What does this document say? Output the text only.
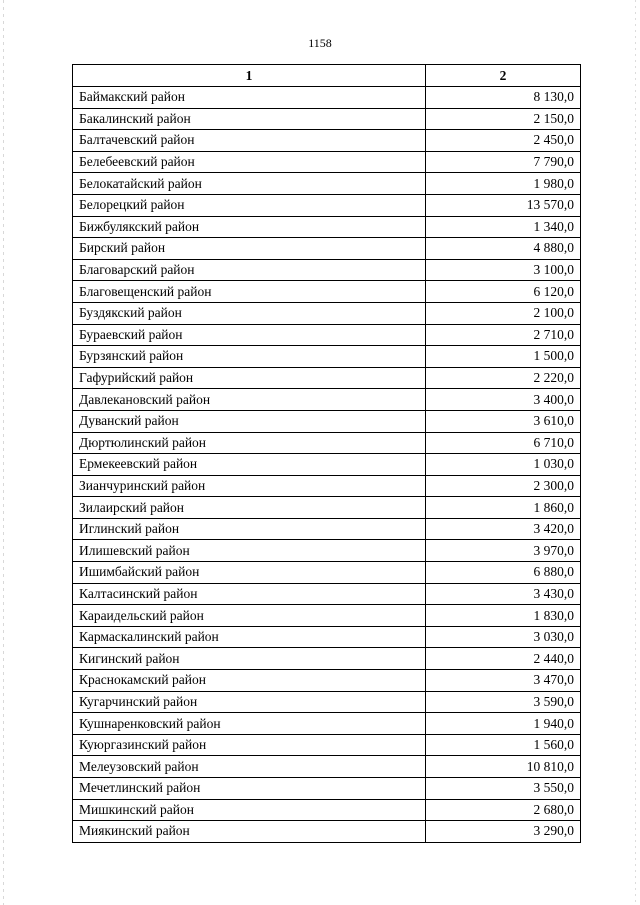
1158
1	2
Баймакский район	8 130,0
Бакалинский район	2 150,0
Балтачевский район	2 450,0
Белебеевский район	7 790,0
Белокатайский район	1 980,0
Белорецкий район	13 570,0
Бижбулякский район	1 340,0
Бирский район	4 880,0
Благоварский район	3 100,0
Благовещенский район	6 120,0
Буздякский район	2 100,0
Бураевский район	2 710,0
Бурзянский район	1 500,0
Гафурийский район	2 220,0
Давлекановский район	3 400,0
Дуванский район	3 610,0
Дюртюлинский район	6 710,0
Ермекеевский район	1 030,0
Зианчуринский район	2 300,0
Зилаирский район	1 860,0
Иглинский район	3 420,0
Илишевский район	3 970,0
Ишимбайский район	6 880,0
Калтасинский район	3 430,0
Караидельский район	1 830,0
Кармаскалинский район	3 030,0
Кигинский район	2 440,0
Краснокамский район	3 470,0
Кугарчинский район	3 590,0
Кушнаренковский район	1 940,0
Куюргазинский район	1 560,0
Мелеузовский район	10 810,0
Мечетлинский район	3 550,0
Мишкинский район	2 680,0
Миякинский район	3 290,0
